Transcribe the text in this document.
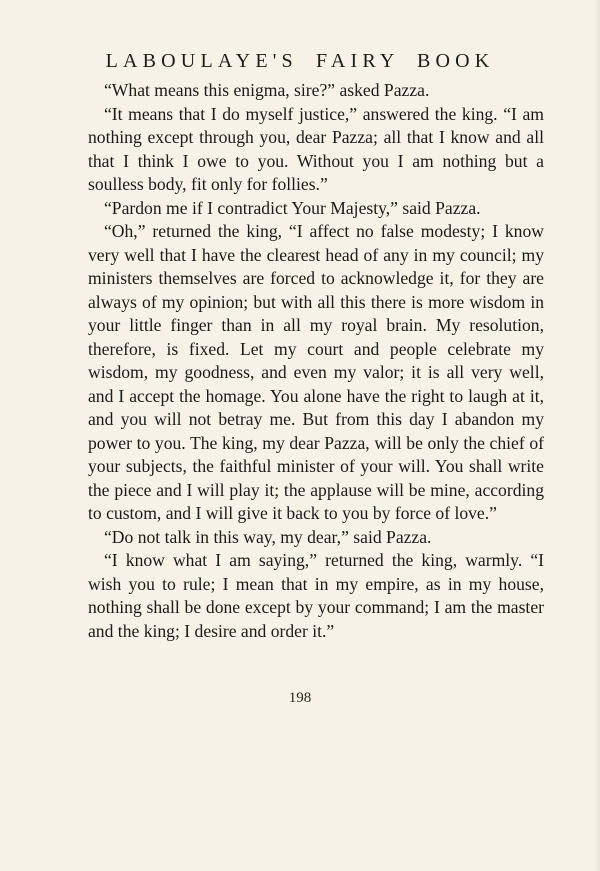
LABOULAYE'S FAIRY BOOK

“What means this enigma, sire?” asked Pazza.

“It means that I do myself justice,” answered the king. “I am nothing except through you, dear Pazza; all that I know and all that I think I owe to you. Without you I am nothing but a soulless body, fit only for follies.”

“Pardon me if I contradict Your Majesty,” said Pazza.

“Oh,” returned the king, “I affect no false modesty; I know very well that I have the clearest head of any in my council; my ministers themselves are forced to acknowledge it, for they are always of my opinion; but with all this there is more wisdom in your little finger than in all my royal brain. My resolution, therefore, is fixed. Let my court and people celebrate my wisdom, my goodness, and even my valor; it is all very well, and I accept the homage. You alone have the right to laugh at it, and you will not betray me. But from this day I abandon my power to you. The king, my dear Pazza, will be only the chief of your subjects, the faithful minister of your will. You shall write the piece and I will play it; the applause will be mine, according to custom, and I will give it back to you by force of love.”

“Do not talk in this way, my dear,” said Pazza.

“I know what I am saying,” returned the king, warmly. “I wish you to rule; I mean that in my empire, as in my house, nothing shall be done except by your command; I am the master and the king; I desire and order it.”

198
